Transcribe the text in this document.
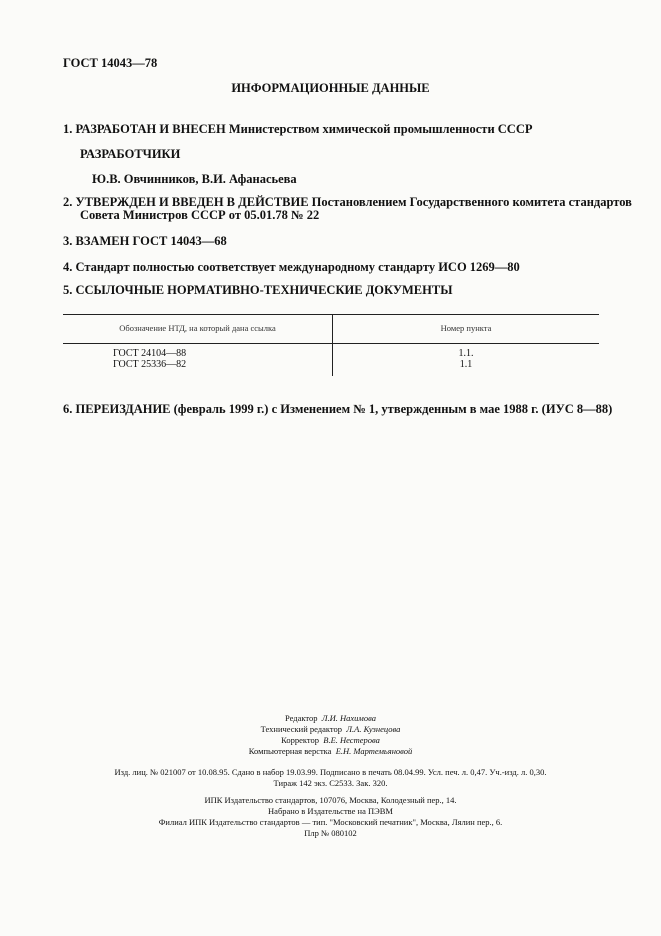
ГОСТ 14043—78
ИНФОРМАЦИОННЫЕ ДАННЫЕ
1. РАЗРАБОТАН И ВНЕСЕН Министерством химической промышленности СССР
РАЗРАБОТЧИКИ
Ю.В. Овчинников, В.И. Афанасьева
2. УТВЕРЖДЕН И ВВЕДЕН В ДЕЙСТВИЕ Постановлением Государственного комитета стандартов
Совета Министров СССР от 05.01.78 № 22
3. ВЗАМЕН ГОСТ 14043—68
4. Стандарт полностью соответствует международному стандарту ИСО 1269—80
5. ССЫЛОЧНЫЕ НОРМАТИВНО-ТЕХНИЧЕСКИЕ ДОКУМЕНТЫ
Обозначение НТД, на который дана ссылка	Номер пункта
ГОСТ 24104—88
ГОСТ 25336—82
1.1.
1.1
6. ПЕРЕИЗДАНИЕ (февраль 1999 г.) с Изменением № 1, утвержденным в мае 1988 г. (ИУС 8—88)
Редактор Л.И. Нахимова
Технический редактор Л.А. Кузнецова
Корректор В.Е. Нестерова
Компьютерная верстка Е.Н. Мартемьяновой
Изд. лиц. № 021007 от 10.08.95. Сдано в набор 19.03.99. Подписано в печать 08.04.99. Усл. печ. л. 0,47. Уч.-изд. л. 0,30.
Тираж 142 экз. С2533. Зак. 320.
ИПК Издательство стандартов, 107076, Москва, Колодезный пер., 14.
Набрано в Издательстве на ПЭВМ
Филиал ИПК Издательство стандартов — тип. "Московский печатник", Москва, Лялин пер., 6.
Плр № 080102
